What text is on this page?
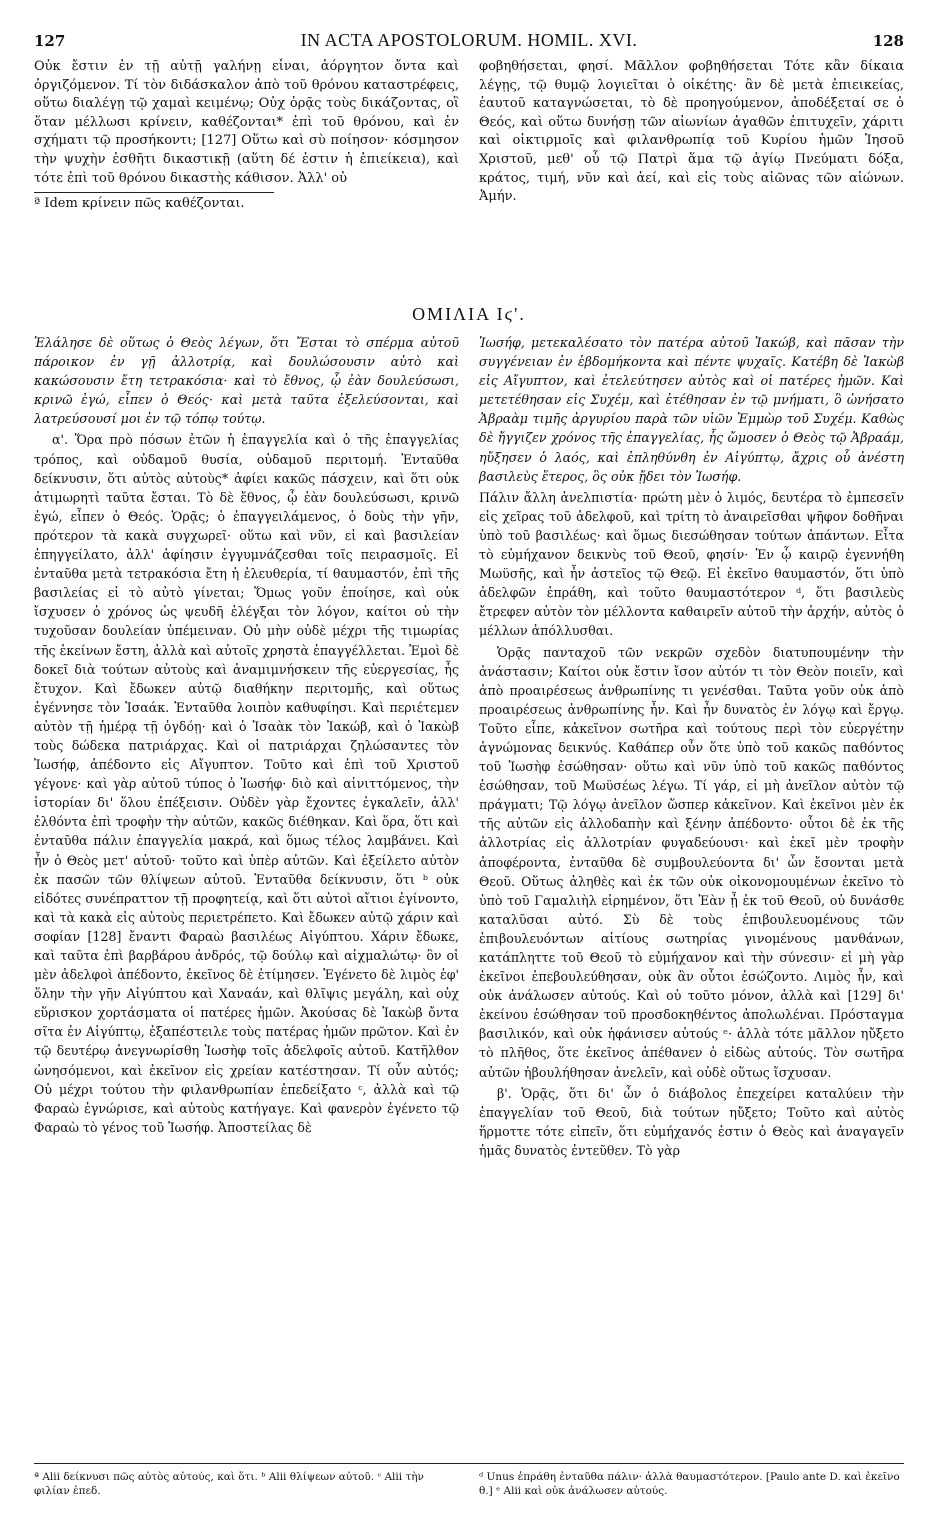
127	IN ACTA APOSTOLORUM. HOMIL. XVI.	128

Οὐκ ἔστιν ἐν τῇ αὐτῇ γαλήνῃ εἶναι, ἀόργητον ὄντα καὶ ὀργιζόμενον. Τί τὸν διδάσκαλον ἀπὸ τοῦ θρόνου καταστρέφεις, οὕτω διαλέγῃ τῷ χαμαὶ κειμένῳ; Οὐχ ὁρᾷς τοὺς δικάζοντας, οἳ ὅταν μέλλωσι κρίνειν, καθέζονται* ἐπὶ τοῦ θρόνου, καὶ ἐν σχήματι τῷ προσήκοντι; [127] Οὕτω καὶ σὺ ποίησον· κόσμησον τὴν ψυχὴν ἐσθῆτι δικαστικῇ (αὕτη δέ ἐστιν ἡ ἐπιείκεια), καὶ τότε ἐπὶ τοῦ θρόνου δικαστὴς κάθισον. Ἀλλ' οὐ

ª Idem κρίνειν πῶς καθέζονται.

φοβηθήσεται, φησί. Μᾶλλον φοβηθήσεται Τότε κἂν δίκαια λέγῃς, τῷ θυμῷ λογιεῖται ὁ οἰκέτης· ἂν δὲ μετὰ ἐπιεικείας, ἑαυτοῦ καταγνώσεται, τὸ δὲ προηγούμενον, ἀποδέξεταί σε ὁ Θεός, καὶ οὕτω δυνήσῃ τῶν αἰωνίων ἀγαθῶν ἐπιτυχεῖν, χάριτι καὶ οἰκτιρμοῖς καὶ φιλανθρωπίᾳ τοῦ Κυρίου ἡμῶν Ἰησοῦ Χριστοῦ, μεθ' οὗ τῷ Πατρὶ ἅμα τῷ ἁγίῳ Πνεύματι δόξα, κράτος, τιμή, νῦν καὶ ἀεί, καὶ εἰς τοὺς αἰῶνας τῶν αἰώνων. Ἀμήν.

ΟΜΙΛΙΑ Ιϛ'.

Ἐλάλησε δὲ οὕτως ὁ Θεὸς λέγων, ὅτι Ἔσται τὸ σπέρμα αὐτοῦ πάροικον ἐν γῇ ἀλλοτρίᾳ, καὶ δουλώσουσιν αὐτὸ καὶ κακώσουσιν ἔτη τετρακόσια· καὶ τὸ ἔθνος, ᾧ ἐὰν δουλεύσωσι, κρινῶ ἐγώ, εἶπεν ὁ Θεός· καὶ μετὰ ταῦτα ἐξελεύσονται, καὶ λατρεύσουσί μοι ἐν τῷ τόπῳ τούτῳ.

α'. Ὅρα πρὸ πόσων ἐτῶν ἡ ἐπαγγελία καὶ ὁ τῆς ἐπαγγελίας τρόπος, καὶ οὐδαμοῦ θυσία, οὐδαμοῦ περιτομή. Ἐνταῦθα δείκνυσιν, ὅτι αὐτὸς αὐτοὺς* ἀφίει κακῶς πάσχειν, καὶ ὅτι οὐκ ἀτιμωρητὶ ταῦτα ἔσται. Τὸ δὲ ἔθνος, ᾧ ἐὰν δουλεύσωσι, κρινῶ ἐγώ, εἶπεν ὁ Θεός. Ὁρᾷς; ὁ ἐπαγγειλάμενος, ὁ δοὺς τὴν γῆν, πρότερον τὰ κακὰ συγχωρεῖ· οὕτω καὶ νῦν, εἰ καὶ βασιλείαν ἐπηγγείλατο, ἀλλ' ἀφίησιν ἐγγυμνάζεσθαι τοῖς πειρασμοῖς. Εἰ ἐνταῦθα μετὰ τετρακόσια ἔτη ἡ ἐλευθερία, τί θαυμαστόν, ἐπὶ τῆς βασιλείας εἰ τὸ αὐτὸ γίνεται; Ὅμως γοῦν ἐποίησε, καὶ οὐκ ἴσχυσεν ὁ χρόνος ὡς ψευδῆ ἐλέγξαι τὸν λόγον, καίτοι οὐ τὴν τυχοῦσαν δουλείαν ὑπέμειναν. Οὐ μὴν οὐδὲ μέχρι τῆς τιμωρίας τῆς ἐκείνων ἔστη, ἀλλὰ καὶ αὐτοῖς χρηστὰ ἐπαγγέλλεται. Ἐμοὶ δὲ δοκεῖ διὰ τούτων αὐτοὺς καὶ ἀναμιμνήσκειν τῆς εὐεργεσίας, ἧς ἔτυχον. Καὶ ἔδωκεν αὐτῷ διαθήκην περιτομῆς, καὶ οὕτως ἐγέννησε τὸν Ἰσαάκ. Ἐνταῦθα λοιπὸν καθυφίησι. Καὶ περιέτεμεν αὐτὸν τῇ ἡμέρᾳ τῇ ὀγδόῃ· καὶ ὁ Ἰσαὰκ τὸν Ἰακώβ, καὶ ὁ Ἰακὼβ τοὺς δώδεκα πατριάρχας. Καὶ οἱ πατριάρχαι ζηλώσαντες τὸν Ἰωσήφ, ἀπέδοντο εἰς Αἴγυπτον. Τοῦτο καὶ ἐπὶ τοῦ Χριστοῦ γέγονε· καὶ γὰρ αὐτοῦ τύπος ὁ Ἰωσήφ· διὸ καὶ αἰνιττόμενος, τὴν ἱστορίαν δι' ὅλου ἐπέξεισιν. Οὐδὲν γὰρ ἔχοντες ἐγκαλεῖν, ἀλλ' ἐλθόντα ἐπὶ τροφὴν τὴν αὐτῶν, κακῶς διέθηκαν. Καὶ ὅρα, ὅτι καὶ ἐνταῦθα πάλιν ἐπαγγελία μακρά, καὶ ὅμως τέλος λαμβάνει. Καὶ ἦν ὁ Θεὸς μετ' αὐτοῦ· τοῦτο καὶ ὑπὲρ αὐτῶν. Καὶ ἐξείλετο αὐτὸν ἐκ πασῶν τῶν θλίψεων αὐτοῦ. Ἐνταῦθα δείκνυσιν, ὅτι ᵇ οὐκ εἰδότες συνέπραττον τῇ προφητείᾳ, καὶ ὅτι αὐτοὶ αἴτιοι ἐγίνοντο, καὶ τὰ κακὰ εἰς αὐτοὺς περιετρέπετο. Καὶ ἔδωκεν αὐτῷ χάριν καὶ σοφίαν [128] ἔναντι Φαραὼ βασιλέως Αἰγύπτου. Χάριν ἔδωκε, καὶ ταῦτα ἐπὶ βαρβάρου ἀνδρός, τῷ δούλῳ καὶ αἰχμαλώτῳ· ὃν οἱ μὲν ἀδελφοὶ ἀπέδοντο, ἐκεῖνος δὲ ἐτίμησεν. Ἐγένετο δὲ λιμὸς ἐφ' ὅλην τὴν γῆν Αἰγύπτου καὶ Χαναάν, καὶ θλῖψις μεγάλη, καὶ οὐχ εὕρισκον χορτάσματα οἱ πατέρες ἡμῶν. Ἀκούσας δὲ Ἰακὼβ ὄντα σῖτα ἐν Αἰγύπτῳ, ἐξαπέστειλε τοὺς πατέρας ἡμῶν πρῶτον. Καὶ ἐν τῷ δευτέρῳ ἀνεγνωρίσθη Ἰωσὴφ τοῖς ἀδελφοῖς αὐτοῦ. Κατῆλθον ὠνησόμενοι, καὶ ἐκεῖνον εἰς χρείαν κατέστησαν. Τί οὖν αὐτός; Οὐ μέχρι τούτου τὴν φιλανθρωπίαν ἐπεδείξατο ᶜ, ἀλλὰ καὶ τῷ Φαραὼ ἐγνώρισε, καὶ αὐτοὺς κατήγαγε. Καὶ φανερὸν ἐγένετο τῷ Φαραὼ τὸ γένος τοῦ Ἰωσήφ. Ἀποστείλας δὲ

Ἰωσήφ, μετεκαλέσατο τὸν πατέρα αὐτοῦ Ἰακώβ, καὶ πᾶσαν τὴν συγγένειαν ἐν ἑβδομήκοντα καὶ πέντε ψυχαῖς. Κατέβη δὲ Ἰακὼβ εἰς Αἴγυπτον, καὶ ἐτελεύτησεν αὐτὸς καὶ οἱ πατέρες ἡμῶν. Καὶ μετετέθησαν εἰς Συχέμ, καὶ ἐτέθησαν ἐν τῷ μνήματι, ὃ ὠνήσατο Ἀβραὰμ τιμῆς ἀργυρίου παρὰ τῶν υἱῶν Ἐμμὼρ τοῦ Συχέμ. Καθὼς δὲ ἤγγιζεν χρόνος τῆς ἐπαγγελίας, ἧς ὤμοσεν ὁ Θεὸς τῷ Ἀβραάμ, ηὔξησεν ὁ λαός, καὶ ἐπληθύνθη ἐν Αἰγύπτῳ, ἄχρις οὗ ἀνέστη βασιλεὺς ἕτερος, ὃς οὐκ ᾔδει τὸν Ἰωσήφ.

Πάλιν ἄλλη ἀνελπιστία· πρώτη μὲν ὁ λιμός, δευτέρα τὸ ἐμπεσεῖν εἰς χεῖρας τοῦ ἀδελφοῦ, καὶ τρίτη τὸ ἀναιρεῖσθαι ψῆφον δοθῆναι ὑπὸ τοῦ βασιλέως· καὶ ὅμως διεσώθησαν τούτων ἁπάντων. Εἶτα τὸ εὐμήχανον δεικνὺς τοῦ Θεοῦ, φησίν· Ἐν ᾧ καιρῷ ἐγεννήθη Μωϋσῆς, καὶ ἦν ἀστεῖος τῷ Θεῷ. Εἰ ἐκεῖνο θαυμαστόν, ὅτι ὑπὸ ἀδελφῶν ἐπράθη, καὶ τοῦτο θαυμαστότερον ᵈ, ὅτι βασιλεὺς ἔτρεφεν αὐτὸν τὸν μέλλοντα καθαιρεῖν αὐτοῦ τὴν ἀρχήν, αὐτὸς ὁ μέλλων ἀπόλλυσθαι.

Ὁρᾷς πανταχοῦ τῶν νεκρῶν σχεδὸν διατυπουμένην τὴν ἀνάστασιν; Καίτοι οὐκ ἔστιν ἴσον αὐτόν τι τὸν Θεὸν ποιεῖν, καὶ ἀπὸ προαιρέσεως ἀνθρωπίνης τι γενέσθαι. Ταῦτα γοῦν οὐκ ἀπὸ προαιρέσεως ἀνθρωπίνης ἦν. Καὶ ἦν δυνατὸς ἐν λόγῳ καὶ ἔργῳ. Τοῦτο εἶπε, κἀκεῖνον σωτῆρα καὶ τούτους περὶ τὸν εὐεργέτην ἀγνώμονας δεικνύς. Καθάπερ οὖν ὅτε ὑπὸ τοῦ κακῶς παθόντος τοῦ Ἰωσὴφ ἐσώθησαν· οὕτω καὶ νῦν ὑπὸ τοῦ κακῶς παθόντος ἐσώθησαν, τοῦ Μωϋσέως λέγω. Τί γάρ, εἰ μὴ ἀνεῖλον αὐτὸν τῷ πράγματι; Τῷ λόγῳ ἀνεῖλον ὥσπερ κἀκεῖνον. Καὶ ἐκεῖνοι μὲν ἐκ τῆς αὐτῶν εἰς ἀλλοδαπὴν καὶ ξένην ἀπέδοντο· οὗτοι δὲ ἐκ τῆς ἀλλοτρίας εἰς ἀλλοτρίαν φυγαδεύουσι· καὶ ἐκεῖ μὲν τροφὴν ἀποφέροντα, ἐνταῦθα δὲ συμβουλεύοντα δι' ὧν ἔσονται μετὰ Θεοῦ. Οὕτως ἀληθὲς καὶ ἐκ τῶν οὐκ οἰκονομουμένων ἐκεῖνο τὸ ὑπὸ τοῦ Γαμαλιὴλ εἰρημένον, ὅτι Ἐὰν ᾖ ἐκ τοῦ Θεοῦ, οὐ δυνάσθε καταλῦσαι αὐτό. Σὺ δὲ τοὺς ἐπιβουλευομένους τῶν ἐπιβουλευόντων αἰτίους σωτηρίας γινομένους μανθάνων, κατάπληττε τοῦ Θεοῦ τὸ εὐμήχανον καὶ τὴν σύνεσιν· εἰ μὴ γὰρ ἐκεῖνοι ἐπεβουλεύθησαν, οὐκ ἂν οὗτοι ἐσώζοντο. Λιμὸς ἦν, καὶ οὐκ ἀνάλωσεν αὐτούς. Καὶ οὐ τοῦτο μόνον, ἀλλὰ καὶ [129] δι' ἐκείνου ἐσώθησαν τοῦ προσδοκηθέντος ἀπολωλέναι. Πρόσταγμα βασιλικόν, καὶ οὐκ ἠφάνισεν αὐτούς ᵉ· ἀλλὰ τότε μᾶλλον ηὔξετο τὸ πλῆθος, ὅτε ἐκεῖνος ἀπέθανεν ὁ εἰδὼς αὐτούς. Τὸν σωτῆρα αὐτῶν ἠβουλήθησαν ἀνελεῖν, καὶ οὐδὲ οὕτως ἴσχυσαν.

β'. Ὁρᾷς, ὅτι δι' ὧν ὁ διάβολος ἐπεχείρει καταλύειν τὴν ἐπαγγελίαν τοῦ Θεοῦ, διὰ τούτων ηὔξετο; Τοῦτο καὶ αὐτὸς ἥρμοττε τότε εἰπεῖν, ὅτι εὐμήχανός ἐστιν ὁ Θεὸς καὶ ἀναγαγεῖν ἡμᾶς δυνατὸς ἐντεῦθεν. Τὸ γὰρ

ª Alii δείκνυσι πῶς αὐτὸς αὐτούς, καὶ ὅτι. ᵇ Alii θλίψεων αὐτοῦ. ᶜ Alii τὴν φιλίαν ἐπεδ.

ᵈ Unus ἐπράθη ἐνταῦθα πάλιν· ἀλλὰ θαυμαστότερον. [Paulo ante D. καὶ ἐκεῖνο θ.] ᵉ Alii καὶ οὐκ ἀνάλωσεν αὐτούς.
